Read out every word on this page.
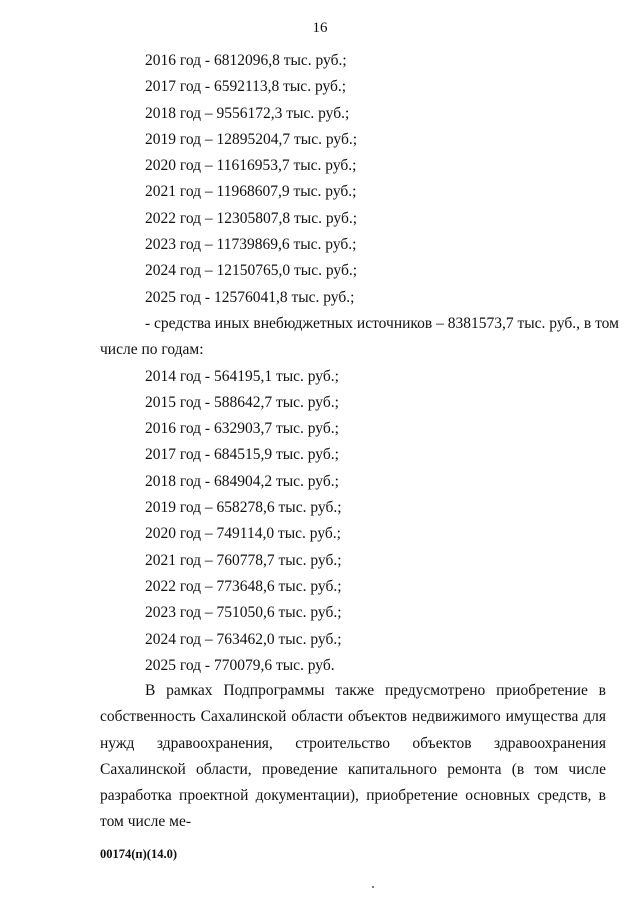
16
2016 год - 6812096,8 тыс. руб.;
2017 год - 6592113,8 тыс. руб.;
2018 год – 9556172,3 тыс. руб.;
2019 год – 12895204,7 тыс. руб.;
2020 год – 11616953,7 тыс. руб.;
2021 год – 11968607,9 тыс. руб.;
2022 год – 12305807,8 тыс. руб.;
2023 год – 11739869,6 тыс. руб.;
2024 год – 12150765,0 тыс. руб.;
2025 год - 12576041,8 тыс. руб.;
- средства иных внебюджетных источников – 8381573,7 тыс. руб., в том
числе по годам:
2014 год - 564195,1 тыс. руб.;
2015 год - 588642,7 тыс. руб.;
2016 год - 632903,7 тыс. руб.;
2017 год - 684515,9 тыс. руб.;
2018 год - 684904,2 тыс. руб.;
2019 год – 658278,6 тыс. руб.;
2020 год – 749114,0 тыс. руб.;
2021 год – 760778,7 тыс. руб.;
2022 год – 773648,6 тыс. руб.;
2023 год – 751050,6 тыс. руб.;
2024 год – 763462,0 тыс. руб.;
2025 год - 770079,6 тыс. руб.
В рамках Подпрограммы также предусмотрено приобретение в собственность Сахалинской области объектов недвижимого имущества для нужд здравоохранения, строительство объектов здравоохранения Сахалинской области, проведение капитального ремонта (в том числе разработка проектной документации), приобретение основных средств, в том числе ме-
00174(п)(14.0)
